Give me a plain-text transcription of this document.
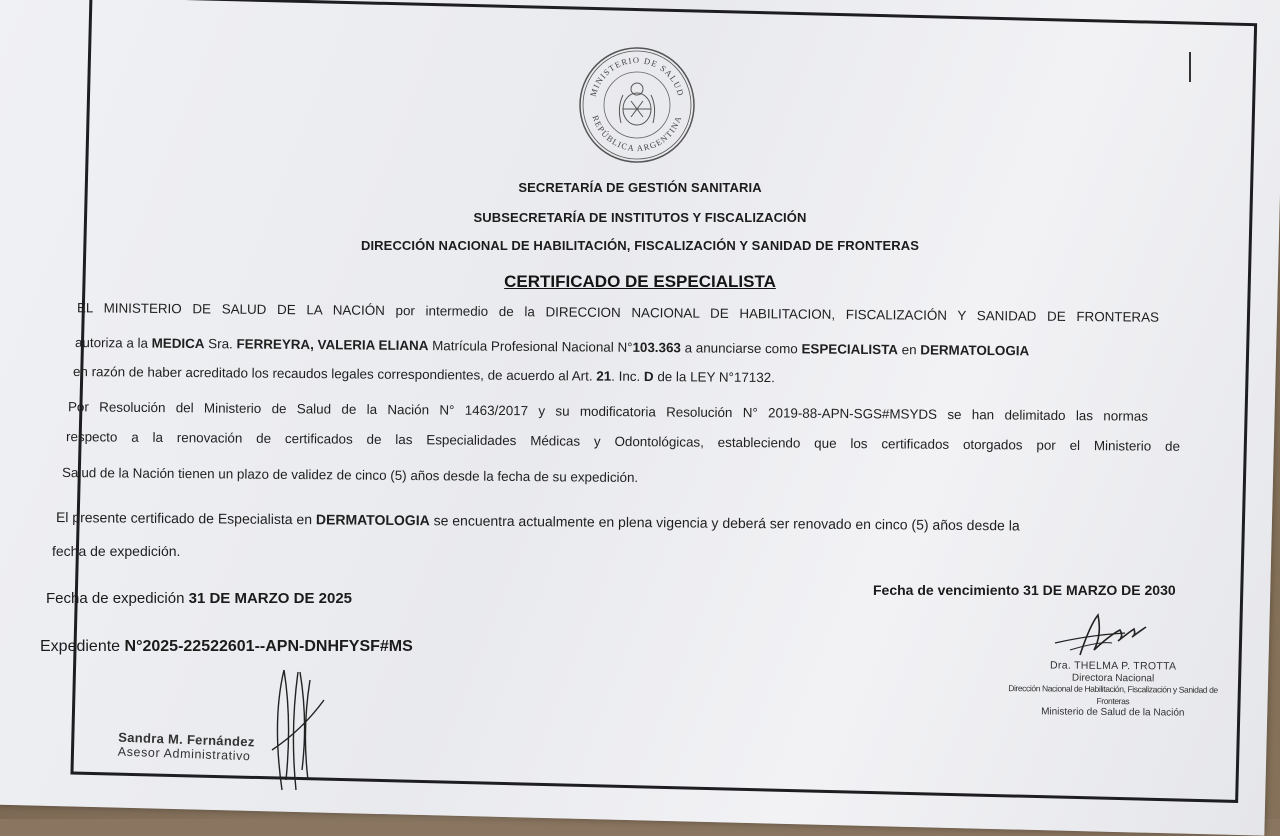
MINISTERIO DE SALUD
REPÚBLICA ARGENTINA
SECRETARÍA DE GESTIÓN SANITARIA
SUBSECRETARÍA DE INSTITUTOS Y FISCALIZACIÓN
DIRECCIÓN NACIONAL DE HABILITACIÓN, FISCALIZACIÓN Y SANIDAD DE FRONTERAS
CERTIFICADO DE ESPECIALISTA
EL MINISTERIO DE SALUD DE LA NACIÓN por intermedio de la DIRECCION NACIONAL DE HABILITACION, FISCALIZACIÓN Y SANIDAD DE FRONTERAS
autoriza a la MEDICA Sra. FERREYRA, VALERIA ELIANA Matrícula Profesional Nacional N°103.363 a anunciarse como ESPECIALISTA en DERMATOLOGIA
en razón de haber acreditado los recaudos legales correspondientes, de acuerdo al Art. 21. Inc. D de la LEY N°17132.
Por Resolución del Ministerio de Salud de la Nación N° 1463/2017 y su modificatoria Resolución N° 2019-88-APN-SGS#MSYDS se han delimitado las normas
respecto a la renovación de certificados de las Especialidades Médicas y Odontológicas, estableciendo que los certificados otorgados por el Ministerio de
Salud de la Nación tienen un plazo de validez de cinco (5) años desde la fecha de su expedición.
El presente certificado de Especialista en DERMATOLOGIA se encuentra actualmente en plena vigencia y deberá ser renovado en cinco (5) años desde la
fecha de expedición.
Fecha de expedición 31 DE MARZO DE 2025	Fecha de vencimiento 31 DE MARZO DE 2030
Expediente N°2025-22522601--APN-DNHFYSF#MS
Dra. THELMA P. TROTTA
Directora Nacional
Dirección Nacional de Habilitación, Fiscalización y Sanidad de Fronteras
Ministerio de Salud de la Nación
Sandra M. Fernández
Asesor Administrativo
